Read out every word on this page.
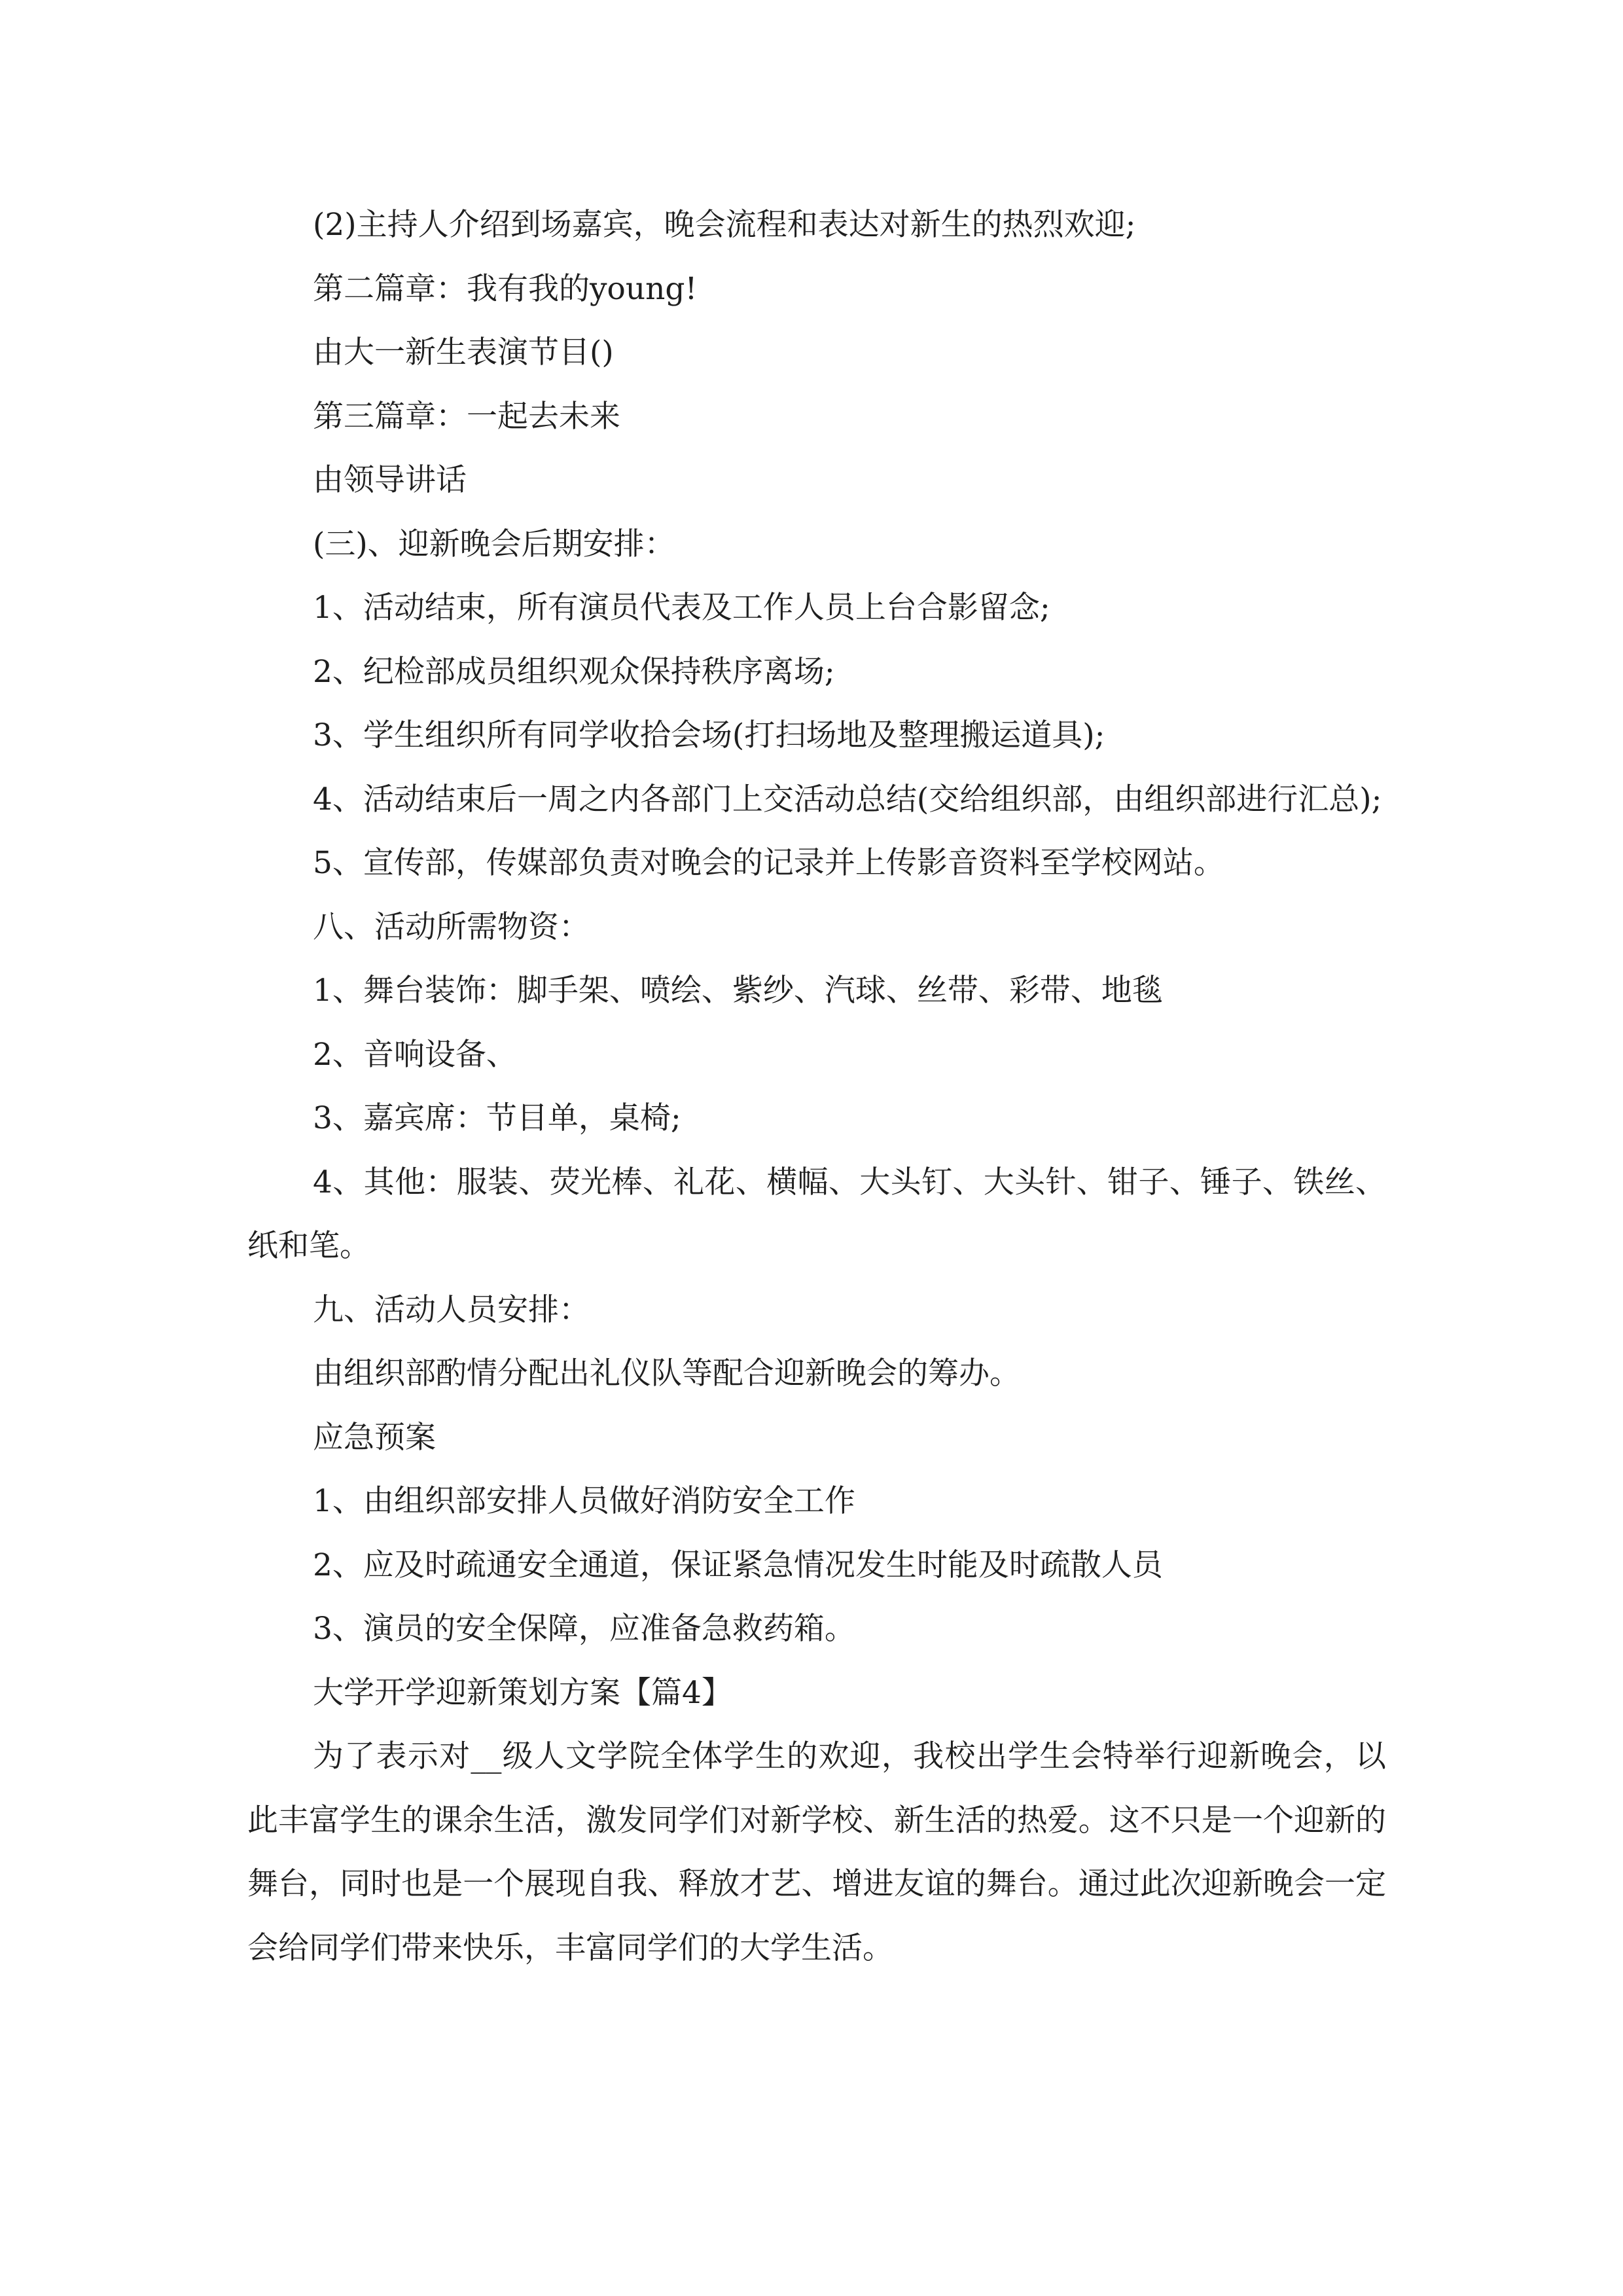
(2)主持人介绍到场嘉宾，晚会流程和表达对新生的热烈欢迎;

第二篇章：我有我的young!

由大一新生表演节目()

第三篇章：一起去未来

由领导讲话

(三)、迎新晚会后期安排：

1、活动结束，所有演员代表及工作人员上台合影留念;

2、纪检部成员组织观众保持秩序离场;

3、学生组织所有同学收拾会场(打扫场地及整理搬运道具);

4、活动结束后一周之内各部门上交活动总结(交给组织部，由组织部进行汇总);

5、宣传部，传媒部负责对晚会的记录并上传影音资料至学校网站。

八、活动所需物资：

1、舞台装饰：脚手架、喷绘、紫纱、汽球、丝带、彩带、地毯

2、音响设备、

3、嘉宾席：节目单，桌椅;

4、其他：服装、荧光棒、礼花、横幅、大头钉、大头针、钳子、锤子、铁丝、纸和笔。

九、活动人员安排：

由组织部酌情分配出礼仪队等配合迎新晚会的筹办。

应急预案

1、由组织部安排人员做好消防安全工作

2、应及时疏通安全通道，保证紧急情况发生时能及时疏散人员

3、演员的安全保障，应准备急救药箱。

大学开学迎新策划方案【篇4】

为了表示对__级人文学院全体学生的欢迎，我校出学生会特举行迎新晚会，以此丰富学生的课余生活，激发同学们对新学校、新生活的热爱。这不只是一个迎新的舞台，同时也是一个展现自我、释放才艺、增进友谊的舞台。通过此次迎新晚会一定会给同学们带来快乐，丰富同学们的大学生活。
